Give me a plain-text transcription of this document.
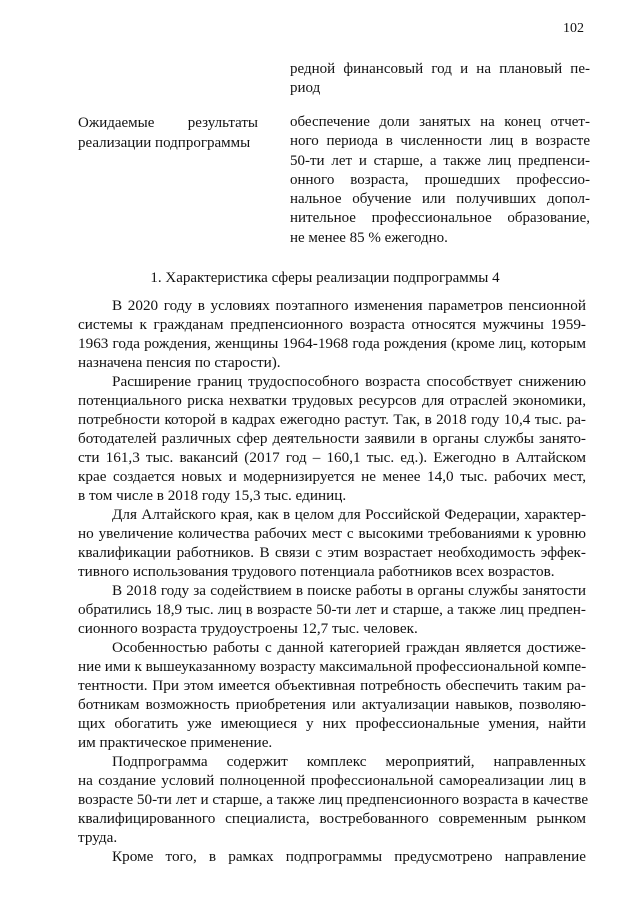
102
редной финансовый год и на плановый пе-
риод
Ожидаемые результаты
реализации подпрограммы
обеспечение доли занятых на конец отчет-
ного периода в численности лиц в возрасте
50-ти лет и старше, а также лиц предпенси-
онного возраста, прошедших профессио-
нальное обучение или получивших допол-
нительное профессиональное образование,
не менее 85 % ежегодно.
1. Характеристика сферы реализации подпрограммы 4
В 2020 году в условиях поэтапного изменения параметров пенсионной
системы к гражданам предпенсионного возраста относятся мужчины 1959-
1963 года рождения, женщины 1964-1968 года рождения (кроме лиц, которым
назначена пенсия по старости).
Расширение границ трудоспособного возраста способствует снижению
потенциального риска нехватки трудовых ресурсов для отраслей экономики,
потребности которой в кадрах ежегодно растут. Так, в 2018 году 10,4 тыс. ра-
ботодателей различных сфер деятельности заявили в органы службы занято-
сти 161,3 тыс. вакансий (2017 год – 160,1 тыс. ед.). Ежегодно в Алтайском
крае создается новых и модернизируется не менее 14,0 тыс. рабочих мест,
в том числе в 2018 году 15,3 тыс. единиц.
Для Алтайского края, как в целом для Российской Федерации, характер-
но увеличение количества рабочих мест с высокими требованиями к уровню
квалификации работников. В связи с этим возрастает необходимость эффек-
тивного использования трудового потенциала работников всех возрастов.
В 2018 году за содействием в поиске работы в органы службы занятости
обратились 18,9 тыс. лиц в возрасте 50-ти лет и старше, а также лиц предпен-
сионного возраста трудоустроены 12,7 тыс. человек.
Особенностью работы с данной категорией граждан является достиже-
ние ими к вышеуказанному возрасту максимальной профессиональной компе-
тентности. При этом имеется объективная потребность обеспечить таким ра-
ботникам возможность приобретения или актуализации навыков, позволяю-
щих обогатить уже имеющиеся у них профессиональные умения, найти
им практическое применение.
Подпрограмма содержит комплекс мероприятий, направленных
на создание условий полноценной профессиональной самореализации лиц в
возрасте 50-ти лет и старше, а также лиц предпенсионного возраста в качестве
квалифицированного специалиста, востребованного современным рынком
труда.
Кроме того, в рамках подпрограммы предусмотрено направление
